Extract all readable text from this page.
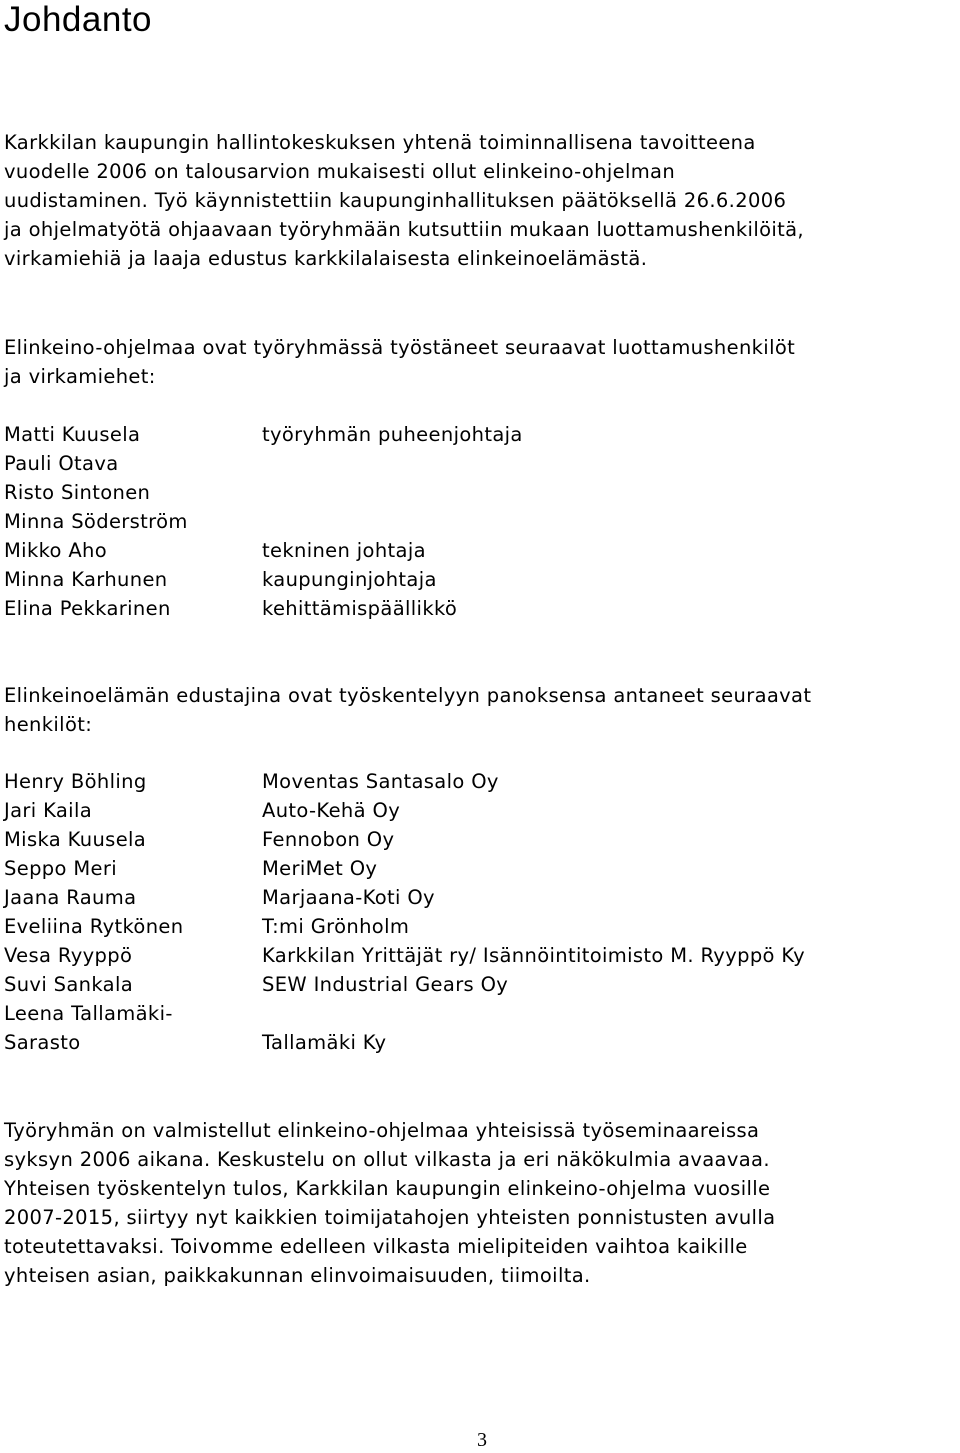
Johdanto

Karkkilan kaupungin hallintokeskuksen yhtenä toiminnallisena tavoitteena
vuodelle 2006 on talousarvion mukaisesti ollut elinkeino-ohjelman
uudistaminen. Työ käynnistettiin kaupunginhallituksen päätöksellä 26.6.2006
ja ohjelmatyötä ohjaavaan työryhmään kutsuttiin mukaan luottamushenkilöitä,
virkamiehiä ja laaja edustus karkkilalaisesta elinkeinoelämästä.

Elinkeino-ohjelmaa ovat työryhmässä työstäneet seuraavat luottamushenkilöt
ja virkamiehet:

Matti Kuusela	työryhmän puheenjohtaja
Pauli Otava
Risto Sintonen
Minna Söderström
Mikko Aho	tekninen johtaja
Minna Karhunen	kaupunginjohtaja
Elina Pekkarinen	kehittämispäällikkö

Elinkeinoelämän edustajina ovat työskentelyyn panoksensa antaneet seuraavat
henkilöt:

Henry Böhling	Moventas Santasalo Oy
Jari Kaila	Auto-Kehä Oy
Miska Kuusela	Fennobon Oy
Seppo Meri	MeriMet Oy
Jaana Rauma	Marjaana-Koti Oy
Eveliina Rytkönen	T:mi Grönholm
Vesa Ryyppö	Karkkilan Yrittäjät ry/ Isännöintitoimisto M. Ryyppö Ky
Suvi Sankala	SEW Industrial Gears Oy
Leena Tallamäki-
Sarasto	Tallamäki Ky

Työryhmän on valmistellut elinkeino-ohjelmaa yhteisissä työseminaareissa
syksyn 2006 aikana. Keskustelu on ollut vilkasta ja eri näkökulmia avaavaa.
Yhteisen työskentelyn tulos, Karkkilan kaupungin elinkeino-ohjelma vuosille
2007-2015, siirtyy nyt kaikkien toimijatahojen yhteisten ponnistusten avulla
toteutettavaksi. Toivomme edelleen vilkasta mielipiteiden vaihtoa kaikille
yhteisen asian, paikkakunnan elinvoimaisuuden, tiimoilta.

3
